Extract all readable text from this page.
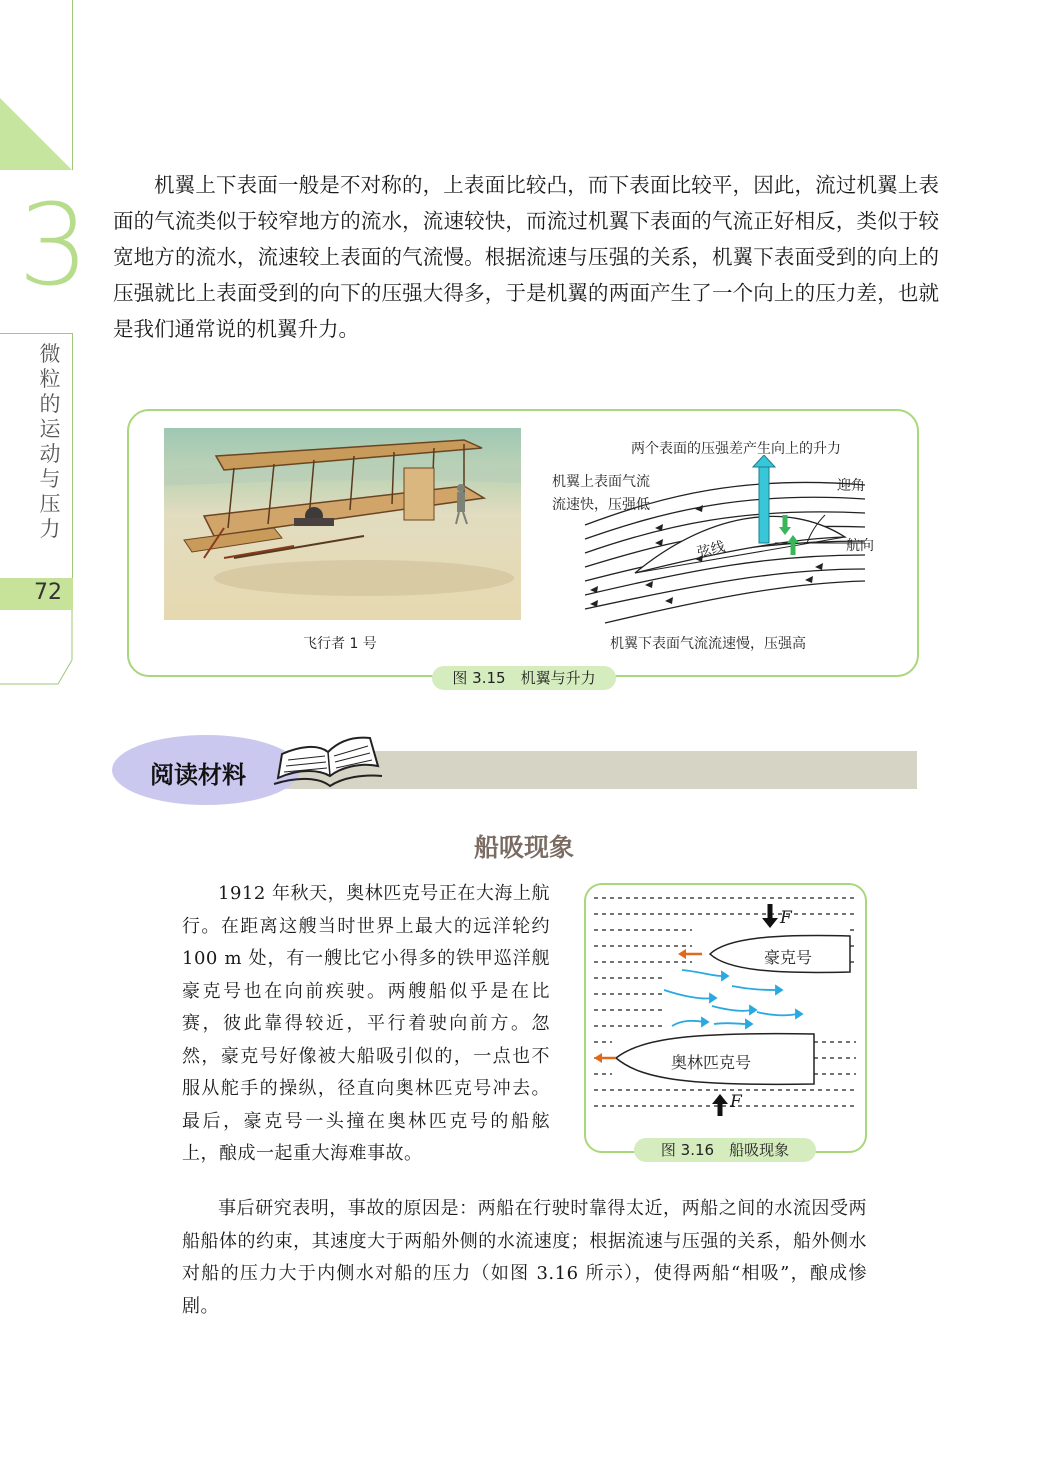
3
微粒的运动与压力
72
机翼上下表面一般是不对称的，上表面比较凸，而下表面比较平，因此，流过机翼上表面的气流类似于较窄地方的流水，流速较快，而流过机翼下表面的气流正好相反，类似于较宽地方的流水，流速较上表面的气流慢。根据流速与压强的关系，机翼下表面受到的向上的压强就比上表面受到的向下的压强大得多，于是机翼的两面产生了一个向上的压力差，也就是我们通常说的机翼升力。
飞行者 1 号
两个表面的压强差产生向上的升力
机翼上表面气流
流速快，压强低
迎角
航向
弦线
机翼下表面气流流速慢，压强高
图 3.15　机翼与升力
阅读材料
船吸现象
1912 年秋天，奥林匹克号正在大海上航行。在距离这艘当时世界上最大的远洋轮约 100 m 处，有一艘比它小得多的铁甲巡洋舰豪克号也在向前疾驶。两艘船似乎是在比赛，彼此靠得较近，平行着驶向前方。忽然，豪克号好像被大船吸引似的，一点也不服从舵手的操纵，径直向奥林匹克号冲去。最后，豪克号一头撞在奥林匹克号的船舷上，酿成一起重大海难事故。
事后研究表明，事故的原因是：两船在行驶时靠得太近，两船之间的水流因受两船船体的约束，其速度大于两船外侧的水流速度；根据流速与压强的关系，船外侧水对船的压力大于内侧水对船的压力（如图 3.16 所示），使得两船“相吸”，酿成惨剧。
F
F
豪克号
奥林匹克号
图 3.16　船吸现象
